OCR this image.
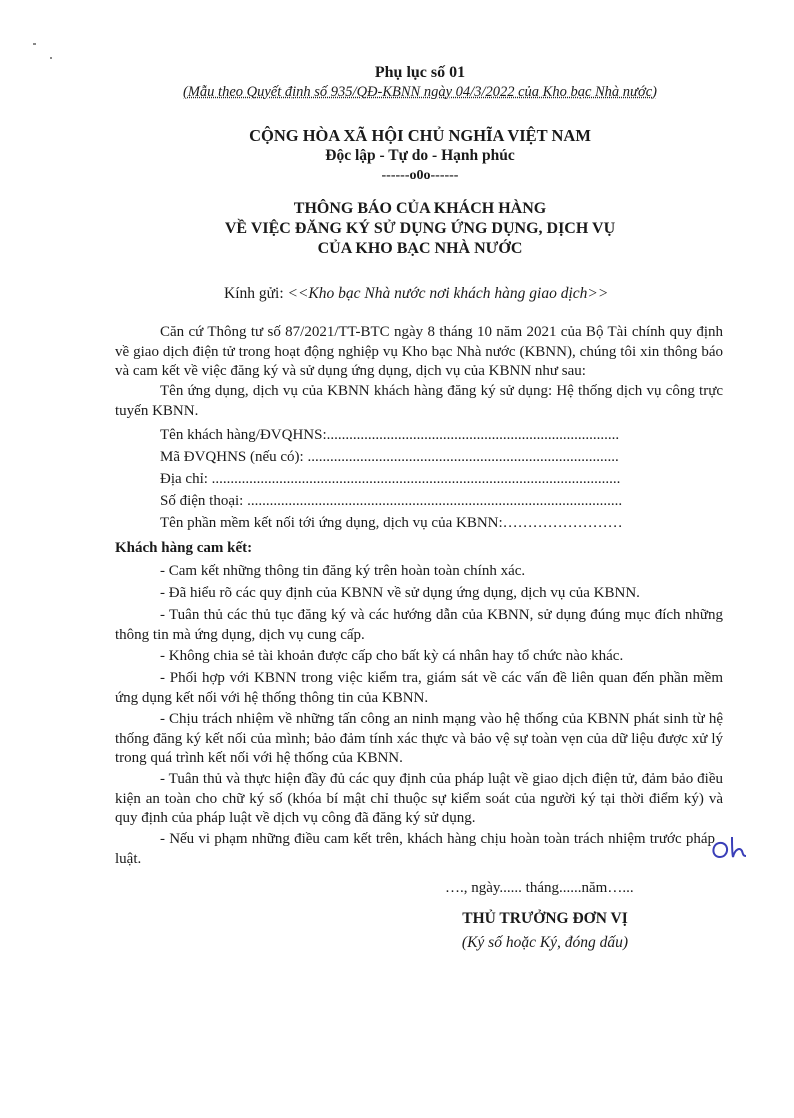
Phụ lục số 01
(Mẫu theo Quyết định số 935/QĐ-KBNN ngày 04/3/2022 của Kho bạc Nhà nước)
CỘNG HÒA XÃ HỘI CHỦ NGHĨA VIỆT NAM
Độc lập - Tự do - Hạnh phúc
------o0o------
THÔNG BÁO CỦA KHÁCH HÀNG
VỀ VIỆC ĐĂNG KÝ SỬ DỤNG ỨNG DỤNG, DỊCH VỤ
CỦA KHO BẠC NHÀ NƯỚC
Kính gửi: <<Kho bạc Nhà nước nơi khách hàng giao dịch>>
Căn cứ Thông tư số 87/2021/TT-BTC ngày 8 tháng 10 năm 2021 của Bộ Tài chính quy định về giao dịch điện tử trong hoạt động nghiệp vụ Kho bạc Nhà nước (KBNN), chúng tôi xin thông báo và cam kết về việc đăng ký và sử dụng ứng dụng, dịch vụ của KBNN như sau:
Tên ứng dụng, dịch vụ của KBNN khách hàng đăng ký sử dụng: Hệ thống dịch vụ công trực tuyến KBNN.
Tên khách hàng/ĐVQHNS:..............................................................................
Mã ĐVQHNS (nếu có): ...................................................................................
Địa chỉ: .............................................................................................................
Số điện thoại: ....................................................................................................
Tên phần mềm kết nối tới ứng dụng, dịch vụ của KBNN:……………………
Khách hàng cam kết:
- Cam kết những thông tin đăng ký trên hoàn toàn chính xác.
- Đã hiểu rõ các quy định của KBNN về sử dụng ứng dụng, dịch vụ của KBNN.
- Tuân thủ các thủ tục đăng ký và các hướng dẫn của KBNN, sử dụng đúng mục đích những thông tin mà ứng dụng, dịch vụ cung cấp.
- Không chia sẻ tài khoản được cấp cho bất kỳ cá nhân hay tổ chức nào khác.
- Phối hợp với KBNN trong việc kiểm tra, giám sát về các vấn đề liên quan đến phần mềm ứng dụng kết nối với hệ thống thông tin của KBNN.
- Chịu trách nhiệm về những tấn công an ninh mạng vào hệ thống của KBNN phát sinh từ hệ thống đăng ký kết nối của mình; bảo đảm tính xác thực và bảo vệ sự toàn vẹn của dữ liệu được xử lý trong quá trình kết nối với hệ thống của KBNN.
- Tuân thủ và thực hiện đầy đủ các quy định của pháp luật về giao dịch điện tử, đảm bảo điều kiện an toàn cho chữ ký số (khóa bí mật chỉ thuộc sự kiểm soát của người ký tại thời điểm ký) và quy định của pháp luật về dịch vụ công đã đăng ký sử dụng.
- Nếu vi phạm những điều cam kết trên, khách hàng chịu hoàn toàn trách nhiệm trước pháp luật.
…., ngày...... tháng......năm…...
THỦ TRƯỞNG ĐƠN VỊ
(Ký số hoặc Ký, đóng dấu)
